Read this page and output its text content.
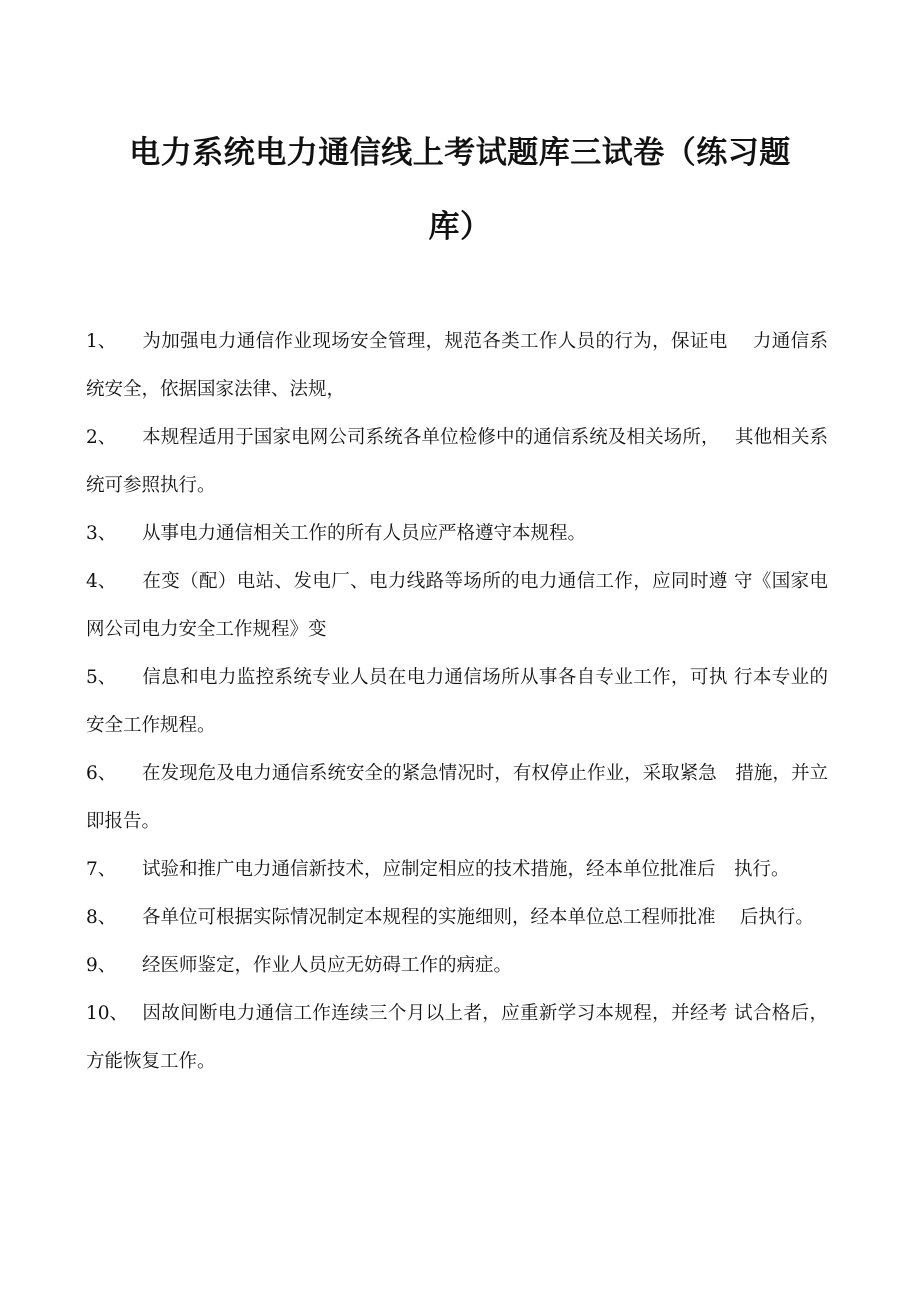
电力系统电力通信线上考试题库三试卷（练习题
库）
1、 为加强电力通信作业现场安全管理，规范各类工作人员的行为，保证电　 力通信系统安全，依据国家法律、法规，
2、 本规程适用于国家电网公司系统各单位检修中的通信系统及相关场所，　 其他相关系统可参照执行。
3、 从事电力通信相关工作的所有人员应严格遵守本规程。
4、 在变（配）电站、发电厂、电力线路等场所的电力通信工作，应同时遵 守《国家电网公司电力安全工作规程》变
5、 信息和电力监控系统专业人员在电力通信场所从事各自专业工作，可执 行本专业的安全工作规程。
6、 在发现危及电力通信系统安全的紧急情况时，有权停止作业，采取紧急　措施，并立即报告。
7、 试验和推广电力通信新技术，应制定相应的技术措施，经本单位批准后　执行。
8、 各单位可根据实际情况制定本规程的实施细则，经本单位总工程师批准　 后执行。
9、 经医师鉴定，作业人员应无妨碍工作的病症。
10、 因故间断电力通信工作连续三个月以上者，应重新学习本规程，并经考 试合格后，方能恢复工作。
